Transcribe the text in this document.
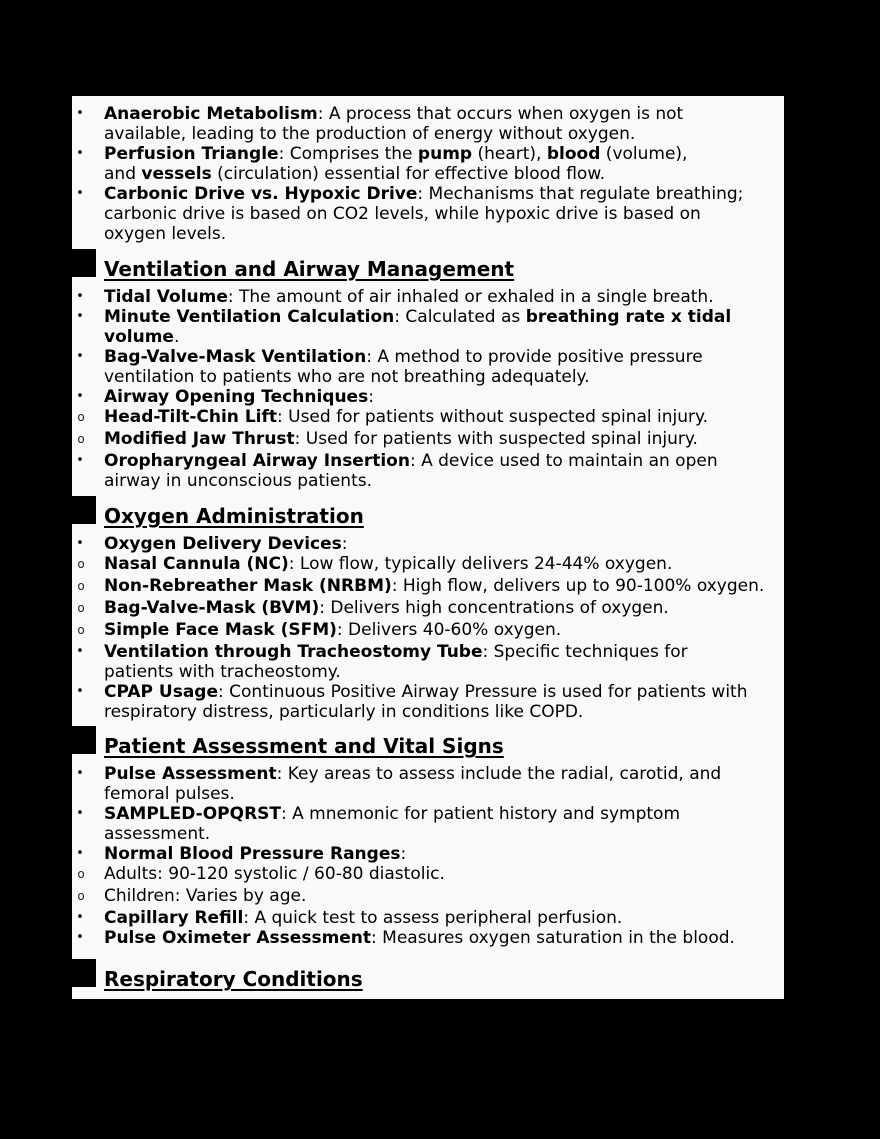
• Anaerobic Metabolism: A process that occurs when oxygen is not
available, leading to the production of energy without oxygen.
• Perfusion Triangle: Comprises the pump (heart), blood (volume),
and vessels (circulation) essential for effective blood flow.
• Carbonic Drive vs. Hypoxic Drive: Mechanisms that regulate breathing;
carbonic drive is based on CO2 levels, while hypoxic drive is based on
oxygen levels.
Ventilation and Airway Management
• Tidal Volume: The amount of air inhaled or exhaled in a single breath.
• Minute Ventilation Calculation: Calculated as breathing rate x tidal
volume.
• Bag-Valve-Mask Ventilation: A method to provide positive pressure
ventilation to patients who are not breathing adequately.
• Airway Opening Techniques:
o Head-Tilt-Chin Lift: Used for patients without suspected spinal injury.
o Modified Jaw Thrust: Used for patients with suspected spinal injury.
• Oropharyngeal Airway Insertion: A device used to maintain an open
airway in unconscious patients.
Oxygen Administration
• Oxygen Delivery Devices:
o Nasal Cannula (NC): Low flow, typically delivers 24-44% oxygen.
o Non-Rebreather Mask (NRBM): High flow, delivers up to 90-100% oxygen.
o Bag-Valve-Mask (BVM): Delivers high concentrations of oxygen.
o Simple Face Mask (SFM): Delivers 40-60% oxygen.
• Ventilation through Tracheostomy Tube: Specific techniques for
patients with tracheostomy.
• CPAP Usage: Continuous Positive Airway Pressure is used for patients with
respiratory distress, particularly in conditions like COPD.
Patient Assessment and Vital Signs
• Pulse Assessment: Key areas to assess include the radial, carotid, and
femoral pulses.
• SAMPLED-OPQRST: A mnemonic for patient history and symptom
assessment.
• Normal Blood Pressure Ranges:
o Adults: 90-120 systolic / 60-80 diastolic.
o Children: Varies by age.
• Capillary Refill: A quick test to assess peripheral perfusion.
• Pulse Oximeter Assessment: Measures oxygen saturation in the blood.
Respiratory Conditions
